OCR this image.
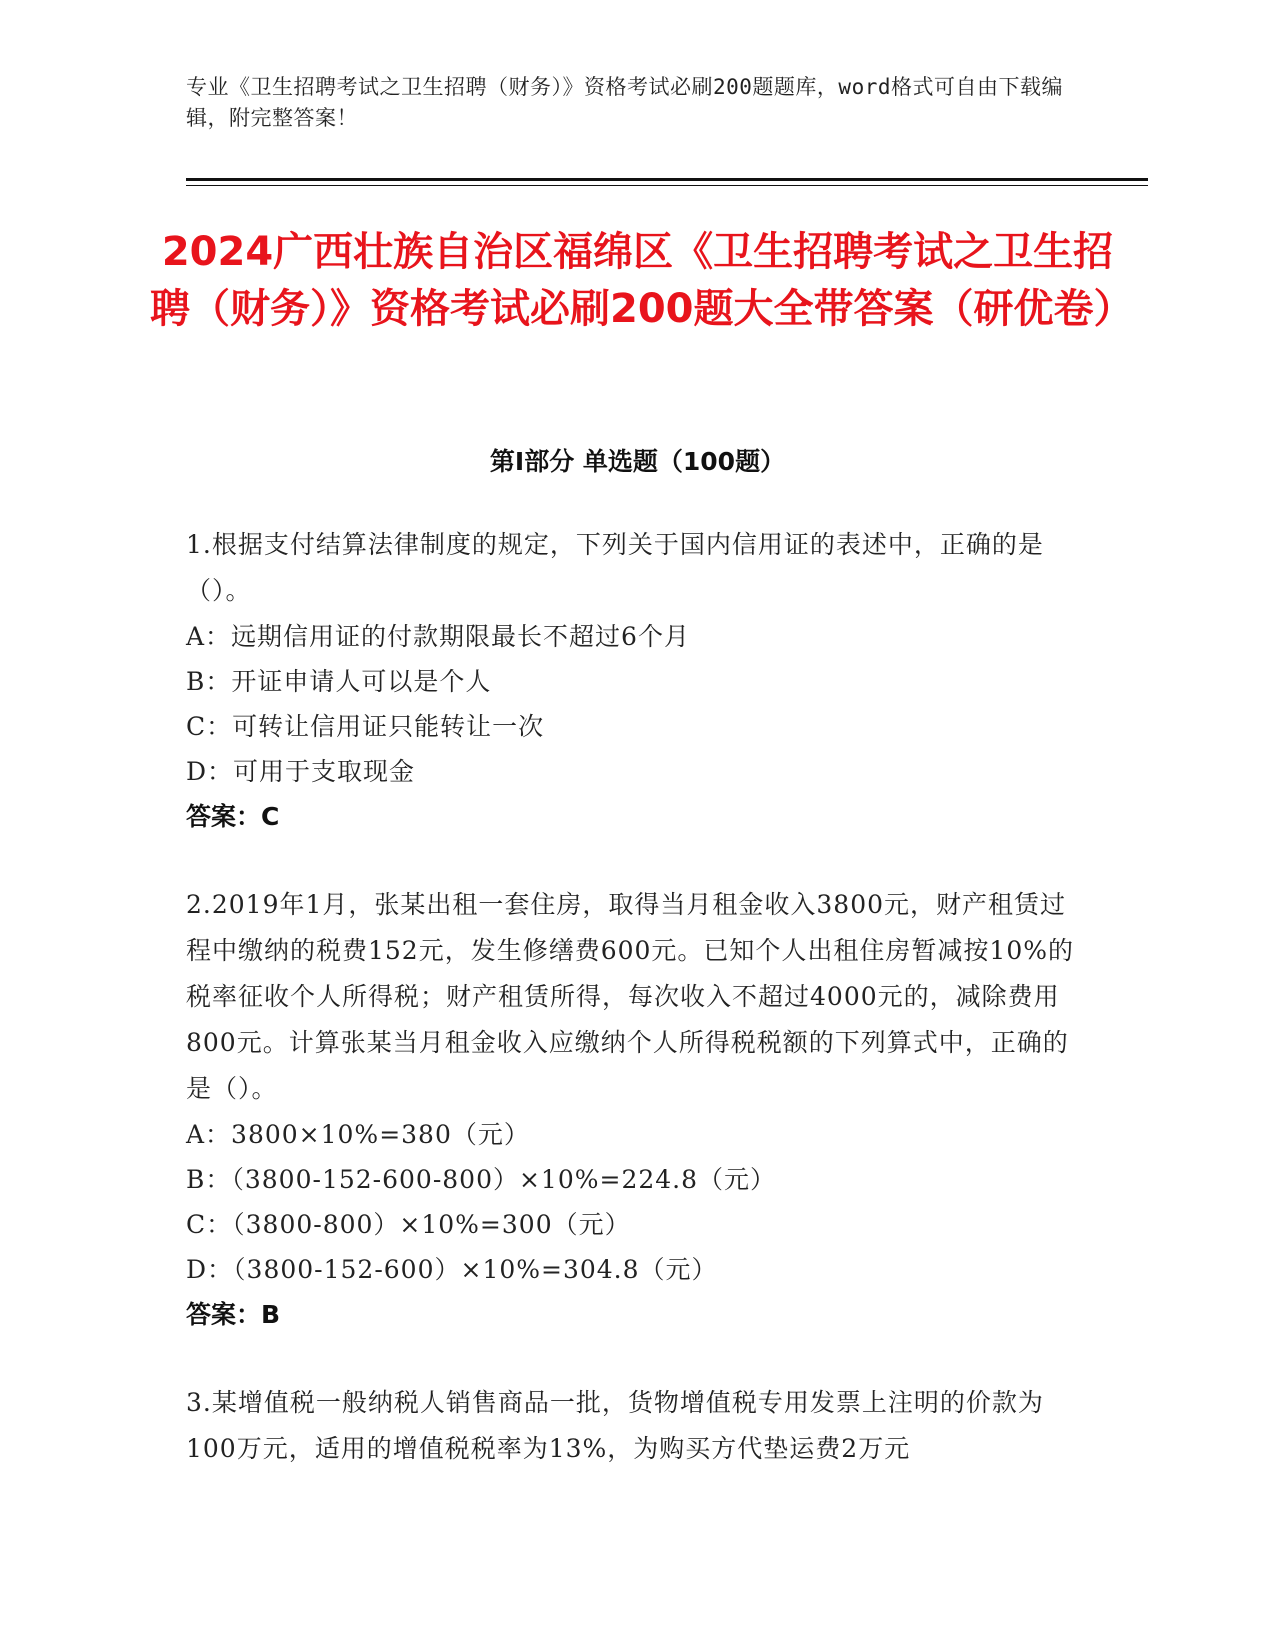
专业《卫生招聘考试之卫生招聘（财务）》资格考试必刷200题题库，word格式可自由下载编辑，附完整答案！
2024广西壮族自治区福绵区《卫生招聘考试之卫生招聘（财务）》资格考试必刷200题大全带答案（研优卷）
第Ⅰ部分 单选题（100题）

1.根据支付结算法律制度的规定，下列关于国内信用证的表述中，正确的是（）。

A：远期信用证的付款期限最长不超过6个月

B：开证申请人可以是个人

C：可转让信用证只能转让一次

D：可用于支取现金

答案：C

2.2019年1月，张某出租一套住房，取得当月租金收入3800元，财产租赁过程中缴纳的税费152元，发生修缮费600元。已知个人出租住房暂减按10%的税率征收个人所得税；财产租赁所得，每次收入不超过4000元的，减除费用800元。计算张某当月租金收入应缴纳个人所得税税额的下列算式中，正确的是（）。

A：3800×10%=380（元）

B：（3800-152-600-800）×10%=224.8（元）

C：（3800-800）×10%=300（元）

D：（3800-152-600）×10%=304.8（元）

答案：B

3.某增值税一般纳税人销售商品一批，货物增值税专用发票上注明的价款为100万元，适用的增值税税率为13%，为购买方代垫运费2万元
